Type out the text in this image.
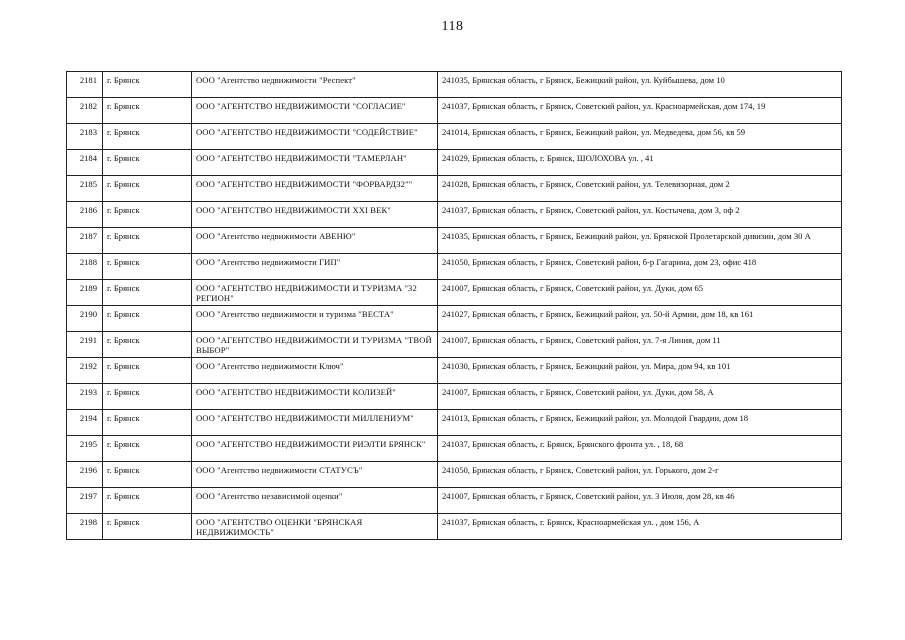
118
2181	г. Брянск	ООО "Агентство недвижимости "Респект"	241035, Брянская область, г Брянск, Бежицкий район, ул. Куйбышева, дом 10
2182	г. Брянск	ООО "АГЕНТСТВО НЕДВИЖИМОСТИ "СОГЛАСИЕ"	241037, Брянская область, г Брянск, Советский район, ул. Красноармейская, дом 174, 19
2183	г. Брянск	ООО "АГЕНТСТВО НЕДВИЖИМОСТИ "СОДЕЙСТВИЕ"	241014, Брянская область, г Брянск, Бежицкий район, ул. Медведева, дом 56, кв 59
2184	г. Брянск	ООО "АГЕНТСТВО НЕДВИЖИМОСТИ "ТАМЕРЛАН"	241029, Брянская область, г. Брянск, ШОЛОХОВА ул. , 41
2185	г. Брянск	ООО "АГЕНТСТВО НЕДВИЖИМОСТИ "ФОРВАРДЗ2""	241028, Брянская область, г Брянск, Советский район, ул. Телевизорная, дом 2
2186	г. Брянск	ООО "АГЕНТСТВО НЕДВИЖИМОСТИ XXI ВЕК"	241037, Брянская область, г Брянск, Советский район, ул. Костычева, дом 3, оф 2
2187	г. Брянск	ООО "Агентство недвижимости АВЕНЮ"	241035, Брянская область, г Брянск, Бежицкий район, ул. Брянской Пролетарской дивизии, дом 30 А
2188	г. Брянск	ООО "Агентство недвижимости ГИП"	241050, Брянская область, г Брянск, Советский район, б-р Гагарина, дом 23, офис 418
2189	г. Брянск	ООО "АГЕНТСТВО НЕДВИЖИМОСТИ И ТУРИЗМА "32 РЕГИОН"	241007, Брянская область, г Брянск, Советский район, ул. Дуки, дом 65
2190	г. Брянск	ООО "Агентство недвижимости и туризма "ВЕСТА"	241027, Брянская область, г Брянск, Бежицкий район, ул. 50-й Армии, дом 18, кв 161
2191	г. Брянск	ООО "АГЕНТСТВО НЕДВИЖИМОСТИ И ТУРИЗМА "ТВОЙ ВЫБОР"	241007, Брянская область, г Брянск, Советский район, ул. 7-я Линия, дом 11
2192	г. Брянск	ООО "Агентство недвижимости Ключ"	241030, Брянская область, г Брянск, Бежицкий район, ул. Мира, дом 94, кв 101
2193	г. Брянск	ООО "АГЕНТСТВО НЕДВИЖИМОСТИ КОЛИЗЕЙ"	241007, Брянская область, г Брянск, Советский район, ул. Дуки, дом 58, А
2194	г. Брянск	ООО "АГЕНТСТВО НЕДВИЖИМОСТИ МИЛЛЕНИУМ"	241013, Брянская область, г Брянск, Бежицкий район, ул. Молодой Гвардии, дом 18
2195	г. Брянск	ООО "АГЕНТСТВО НЕДВИЖИМОСТИ РИЭЛТИ БРЯНСК"	241037, Брянская область, г. Брянск, Брянского фронта ул. , 18, 68
2196	г. Брянск	ООО "Агентство недвижимости СТАТУСЪ"	241050, Брянская область, г Брянск, Советский район, ул. Горького, дом 2-г
2197	г. Брянск	ООО "Агентство независимой оценки"	241007, Брянская область, г Брянск, Советский район, ул. 3 Июля, дом 28, кв 46
2198	г. Брянск	ООО "АГЕНТСТВО ОЦЕНКИ "БРЯНСКАЯ НЕДВИЖИМОСТЬ"	241037, Брянская область, г. Брянск, Красноармейская ул. , дом 156, А
